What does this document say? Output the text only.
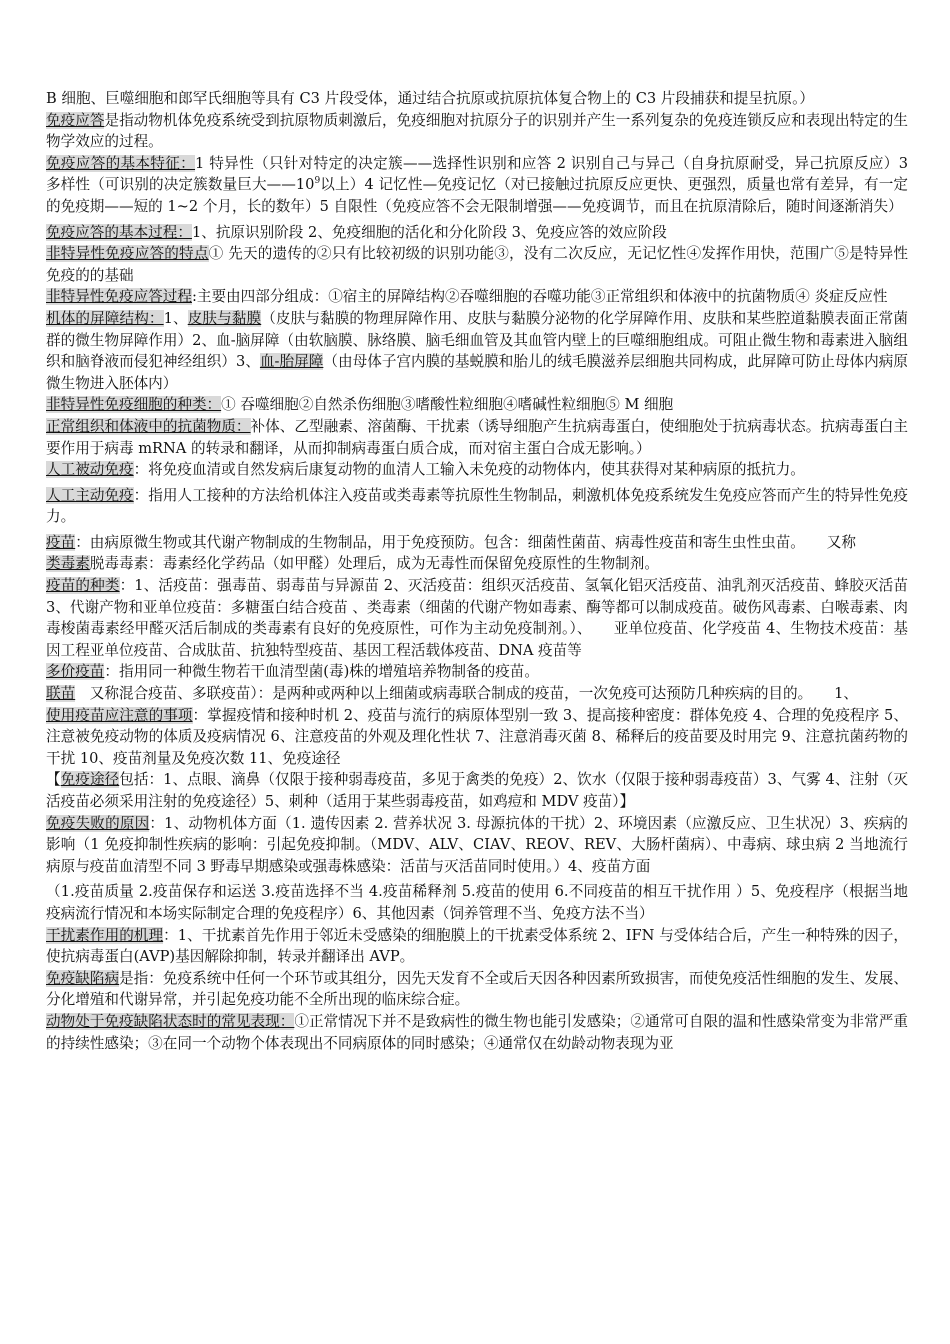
B 细胞、巨噬细胞和郎罕氏细胞等具有 C3 片段受体，通过结合抗原或抗原抗体复合物上的 C3 片段捕获和提呈抗原。）

免疫应答是指动物机体免疫系统受到抗原物质刺激后，免疫细胞对抗原分子的识别并产生一系列复杂的免疫连锁反应和表现出特定的生物学效应的过程。

免疫应答的基本特征：1 特异性（只针对特定的决定簇——选择性识别和应答 2 识别自己与异己（自身抗原耐受，异己抗原反应）3 多样性（可识别的决定簇数量巨大$——10^9$以上）4 记忆性—免疫记忆（对已接触过抗原反应更快、更强烈，质量也常有差异，有一定的免疫期——短的 1~2 个月，长的数年）5 自限性（免疫应答不会无限制增强——免疫调节，而且在抗原清除后，随时间逐渐消失）

免疫应答的基本过程：1、抗原识别阶段 2、免疫细胞的活化和分化阶段 3、免疫应答的效应阶段

非特异性免疫应答的特点① 先天的遗传的②只有比较初级的识别功能③，没有二次反应，无记忆性④发挥作用快，范围广⑤是特异性免疫的的基础

非特异性免疫应答过程:主要由四部分组成：①宿主的屏障结构②吞噬细胞的吞噬功能③正常组织和体液中的抗菌物质④ 炎症反应性

机体的屏障结构：1、皮肤与黏膜（皮肤与黏膜的物理屏障作用、皮肤与黏膜分泌物的化学屏障作用、皮肤和某些腔道黏膜表面正常菌群的微生物屏障作用）2、血-脑屏障（由软脑膜、脉络膜、脑毛细血管及其血管内壁上的巨噬细胞组成。可阻止微生物和毒素进入脑组织和脑脊液而侵犯神经组织）3、血-胎屏障（由母体子宫内膜的基蜕膜和胎儿的绒毛膜滋养层细胞共同构成，此屏障可防止母体内病原微生物进入胚体内）

非特异性免疫细胞的种类：① 吞噬细胞②自然杀伤细胞③嗜酸性粒细胞④嗜碱性粒细胞⑤ M 细胞

正常组织和体液中的抗菌物质：补体、乙型融素、溶菌酶、干扰素（诱导细胞产生抗病毒蛋白，使细胞处于抗病毒状态。抗病毒蛋白主要作用于病毒 mRNA 的转录和翻译，从而抑制病毒蛋白质合成，而对宿主蛋白合成无影响。）

人工被动免疫：将免疫血清或自然发病后康复动物的血清人工输入未免疫的动物体内，使其获得对某种病原的抵抗力。

人工主动免疫：指用人工接种的方法给机体注入疫苗或类毒素等抗原性生物制品，刺激机体免疫系统发生免疫应答而产生的特异性免疫力。

疫苗：由病原微生物或其代谢产物制成的生物制品，用于免疫预防。包含：细菌性菌苗、病毒性疫苗和寄生虫性虫苗。　　又称

类毒素脱毒毒素：毒素经化学药品（如甲醛）处理后，成为无毒性而保留免疫原性的生物制剂。

疫苗的种类：1、活疫苗：强毒苗、弱毒苗与异源苗 2、灭活疫苗：组织灭活疫苗、氢氧化铝灭活疫苗、油乳剂灭活疫苗、蜂胶灭活苗 3、代谢产物和亚单位疫苗：多糖蛋白结合疫苗 、类毒素（细菌的代谢产物如毒素、酶等都可以制成疫苗。破伤风毒素、白喉毒素、肉毒梭菌毒素经甲醛灭活后制成的类毒素有良好的免疫原性，可作为主动免疫制剂。）、　　亚单位疫苗、化学疫苗 4、生物技术疫苗：基因工程亚单位疫苗、合成肽苗、抗独特型疫苗、基因工程活载体疫苗、DNA 疫苗等

多价疫苗：指用同一种微生物若干血清型菌(毒)株的增殖培养物制备的疫苗。

联苗　又称混合疫苗、多联疫苗）：是两种或两种以上细菌或病毒联合制成的疫苗，一次免疫可达预防几种疾病的目的。　　1、

使用疫苗应注意的事项：掌握疫情和接种时机 2、疫苗与流行的病原体型别一致 3、提高接种密度：群体免疫 4、合理的免疫程序 5、注意被免疫动物的体质及疫病情况 6、注意疫苗的外观及理化性状 7、注意消毒灭菌 8、稀释后的疫苗要及时用完 9、注意抗菌药物的干扰 10、疫苗剂量及免疫次数 11、免疫途径

【免疫途径包括：1、点眼、滴鼻（仅限于接种弱毒疫苗，多见于禽类的免疫）2、饮水（仅限于接种弱毒疫苗）3、气雾 4、注射（灭活疫苗必须采用注射的免疫途径）5、刺种（适用于某些弱毒疫苗，如鸡痘和 MDV 疫苗）】

免疫失败的原因：1、动物机体方面（1. 遗传因素 2. 营养状况 3. 母源抗体的干扰）2、环境因素（应激反应、卫生状况）3、疾病的影响（1 免疫抑制性疾病的影响：引起免疫抑制。（MDV、ALV、CIAV、REOV、REV、大肠杆菌病）、中毒病、球虫病 2 当地流行病原与疫苗血清型不同 3 野毒早期感染或强毒株感染：活苗与灭活苗同时使用。）4、疫苗方面

（1.疫苗质量 2.疫苗保存和运送 3.疫苗选择不当 4.疫苗稀释剂 5.疫苗的使用 6.不同疫苗的相互干扰作用 ）5、免疫程序（根据当地疫病流行情况和本场实际制定合理的免疫程序）6、其他因素（饲养管理不当、免疫方法不当）

干扰素作用的机理：1、干扰素首先作用于邻近未受感染的细胞膜上的干扰素受体系统 2、IFN 与受体结合后，产生一种特殊的因子，使抗病毒蛋白(AVP)基因解除抑制，转录并翻译出 AVP。

免疫缺陷病是指：免疫系统中任何一个环节或其组分，因先天发育不全或后天因各种因素所致损害，而使免疫活性细胞的发生、发展、分化增殖和代谢异常，并引起免疫功能不全所出现的临床综合症。

动物处于免疫缺陷状态时的常见表现：①正常情况下并不是致病性的微生物也能引发感染；②通常可自限的温和性感染常变为非常严重的持续性感染；③在同一个动物个体表现出不同病原体的同时感染；④通常仅在幼龄动物表现为亚
